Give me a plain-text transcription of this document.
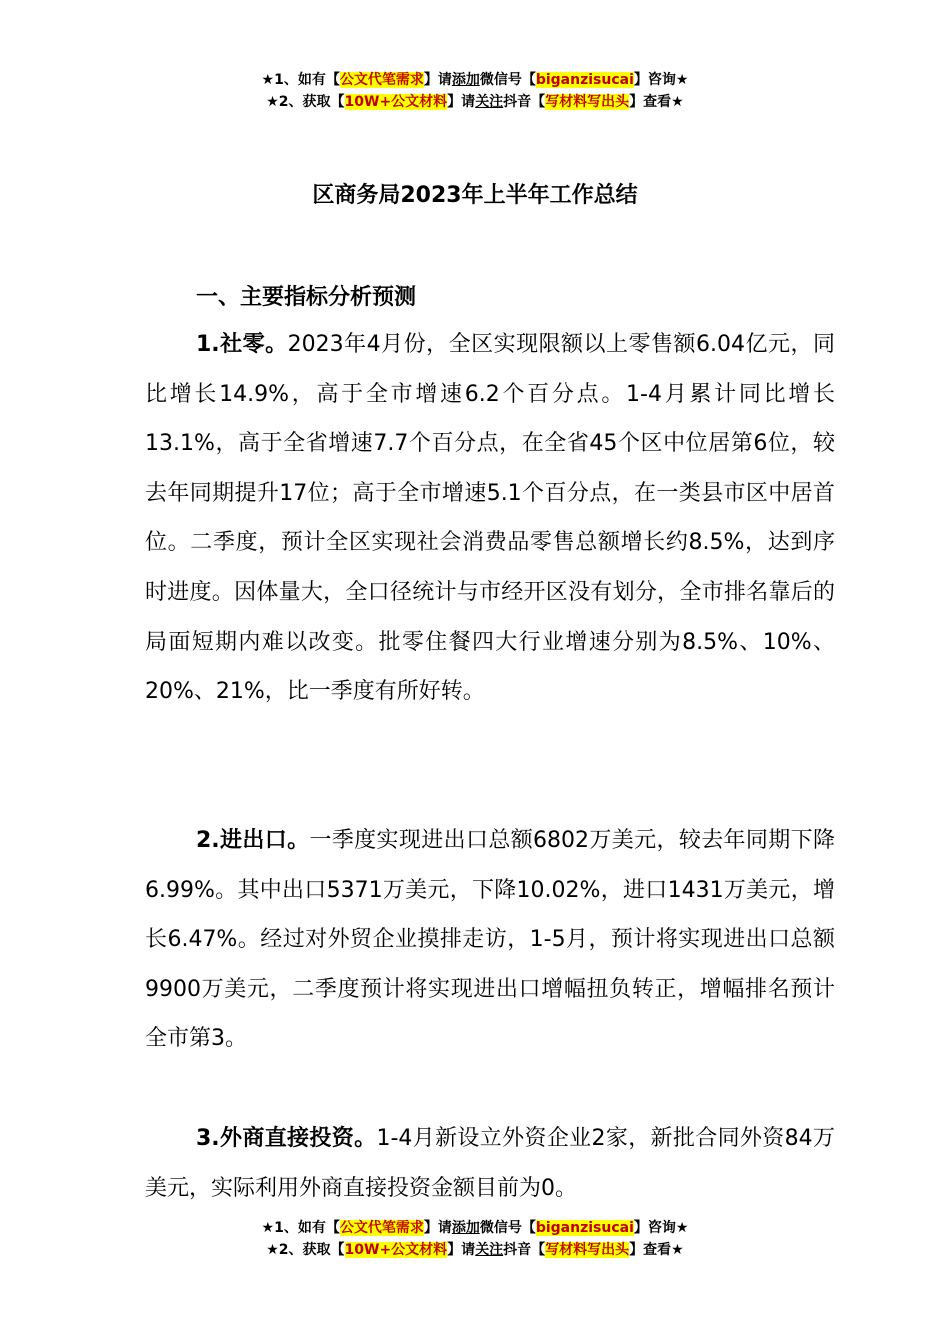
★1、如有【公文代笔需求】请添加微信号【biganzisucai】咨询★
★2、获取【10W+公文材料】请关注抖音【写材料写出头】查看★
区商务局2023年上半年工作总结
一、主要指标分析预测
1.社零。2023年4月份，全区实现限额以上零售额6.04亿元，同比增长14.9%，高于全市增速6.2个百分点。1-4月累计同比增长13.1%，高于全省增速7.7个百分点，在全省45个区中位居第6位，较去年同期提升17位；高于全市增速5.1个百分点，在一类县市区中居首位。二季度，预计全区实现社会消费品零售总额增长约8.5%，达到序时进度。因体量大，全口径统计与市经开区没有划分，全市排名靠后的局面短期内难以改变。批零住餐四大行业增速分别为8.5%、10%、20%、21%，比一季度有所好转。
2.进出口。一季度实现进出口总额6802万美元，较去年同期下降6.99%。其中出口5371万美元，下降10.02%，进口1431万美元，增长6.47%。经过对外贸企业摸排走访，1-5月，预计将实现进出口总额9900万美元，二季度预计将实现进出口增幅扭负转正，增幅排名预计全市第3。
3.外商直接投资。1-4月新设立外资企业2家，新批合同外资84万美元，实际利用外商直接投资金额目前为0。
★1、如有【公文代笔需求】请添加微信号【biganzisucai】咨询★
★2、获取【10W+公文材料】请关注抖音【写材料写出头】查看★
